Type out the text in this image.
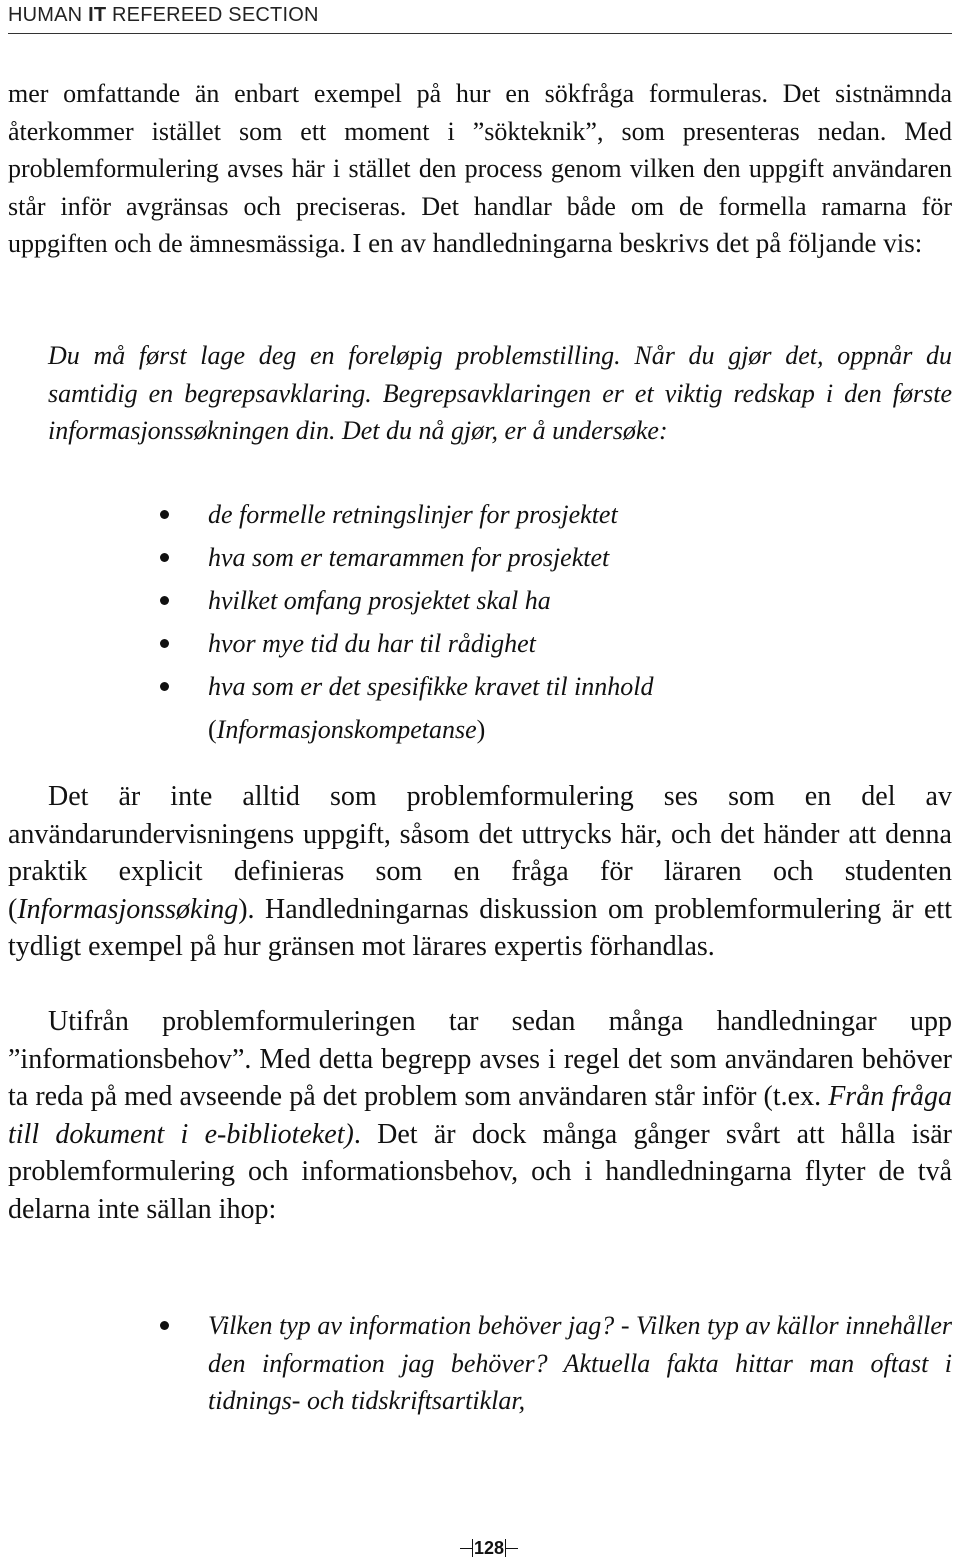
HUMAN IT REFEREED SECTION

mer omfattande än enbart exempel på hur en sökfråga formuleras. Det sistnämnda återkommer istället som ett moment i ”sökteknik”, som presenteras nedan. Med problemformulering avses här i stället den process genom vilken den uppgift användaren står inför avgränsas och preciseras. Det handlar både om de formella ramarna för uppgiften och de ämnesmässiga. I en av handledningarna beskrivs det på följande vis:

Du må først lage deg en foreløpig problemstilling. Når du gjør det, oppnår du samtidig en begrepsavklaring. Begrepsavklaringen er et viktig redskap i den første informasjonssøkningen din. Det du nå gjør, er å undersøke:

de formelle retningslinjer for prosjektet
hva som er temarammen for prosjektet
hvilket omfang prosjektet skal ha
hvor mye tid du har til rådighet
hva som er det spesifikke kravet til innhold
(Informasjonskompetanse)

Det är inte alltid som problemformulering ses som en del av användarundervisningens uppgift, såsom det uttrycks här, och det händer att denna praktik explicit definieras som en fråga för läraren och studenten (Informasjonssøking). Handledningarnas diskussion om problemformulering är ett tydligt exempel på hur gränsen mot lärares expertis förhandlas.

Utifrån problemformuleringen tar sedan många handledningar upp ”informationsbehov”. Med detta begrepp avses i regel det som användaren behöver ta reda på med avseende på det problem som användaren står inför (t.ex. Från fråga till dokument i e-biblioteket). Det är dock många gånger svårt att hålla isär problemformulering och informationsbehov, och i handledningarna flyter de två delarna inte sällan ihop:

Vilken typ av information behöver jag? - Vilken typ av källor innehåller den information jag behöver? Aktuella fakta hittar man oftast i tidnings- och tidskriftsartiklar,
128
